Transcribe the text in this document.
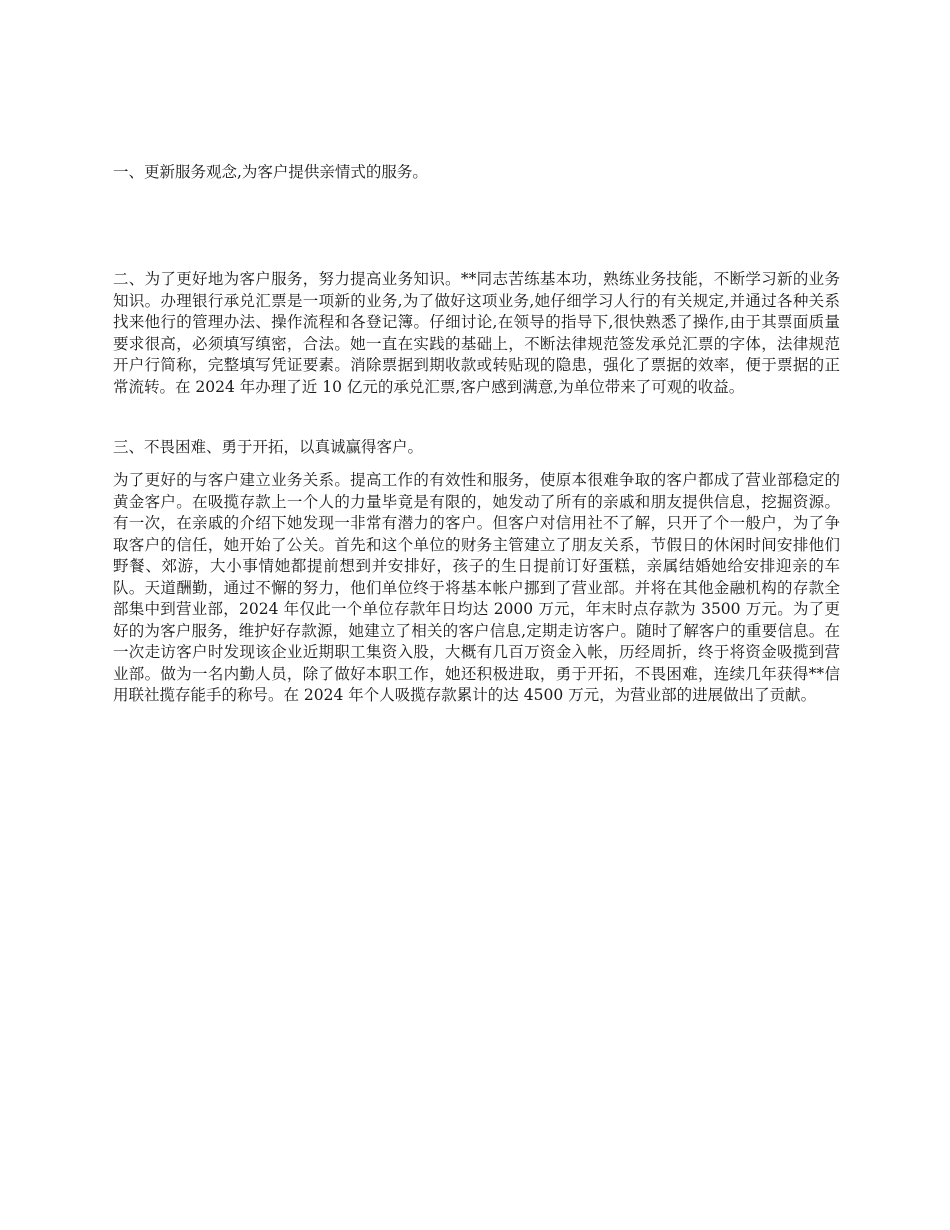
一、更新服务观念,为客户提供亲情式的服务。

二、为了更好地为客户服务，努力提高业务知识。**同志苦练基本功，熟练业务技能，不断学习新的业务知识。办理银行承兑汇票是一项新的业务,为了做好这项业务,她仔细学习人行的有关规定,并通过各种关系找来他行的管理办法、操作流程和各登记簿。仔细讨论,在领导的指导下,很快熟悉了操作,由于其票面质量要求很高，必须填写缜密，合法。她一直在实践的基础上，不断法律规范签发承兑汇票的字体，法律规范开户行简称，完整填写凭证要素。消除票据到期收款或转贴现的隐患，强化了票据的效率，便于票据的正常流转。在 2024 年办理了近 10 亿元的承兑汇票,客户感到满意,为单位带来了可观的收益。

三、不畏困难、勇于开拓，以真诚赢得客户。

为了更好的与客户建立业务关系。提高工作的有效性和服务，使原本很难争取的客户都成了营业部稳定的黄金客户。在吸揽存款上一个人的力量毕竟是有限的，她发动了所有的亲戚和朋友提供信息，挖掘资源。有一次，在亲戚的介绍下她发现一非常有潜力的客户。但客户对信用社不了解，只开了个一般户，为了争取客户的信任，她开始了公关。首先和这个单位的财务主管建立了朋友关系，节假日的休闲时间安排他们野餐、郊游，大小事情她都提前想到并安排好，孩子的生日提前订好蛋糕，亲属结婚她给安排迎亲的车队。天道酬勤，通过不懈的努力，他们单位终于将基本帐户挪到了营业部。并将在其他金融机构的存款全部集中到营业部，2024 年仅此一个单位存款年日均达 2000 万元，年末时点存款为 3500 万元。为了更好的为客户服务，维护好存款源，她建立了相关的客户信息,定期走访客户。随时了解客户的重要信息。在一次走访客户时发现该企业近期职工集资入股，大概有几百万资金入帐，历经周折，终于将资金吸揽到营业部。做为一名内勤人员，除了做好本职工作，她还积极进取，勇于开拓，不畏困难，连续几年获得**信用联社揽存能手的称号。在 2024 年个人吸揽存款累计的达 4500 万元，为营业部的进展做出了贡献。
